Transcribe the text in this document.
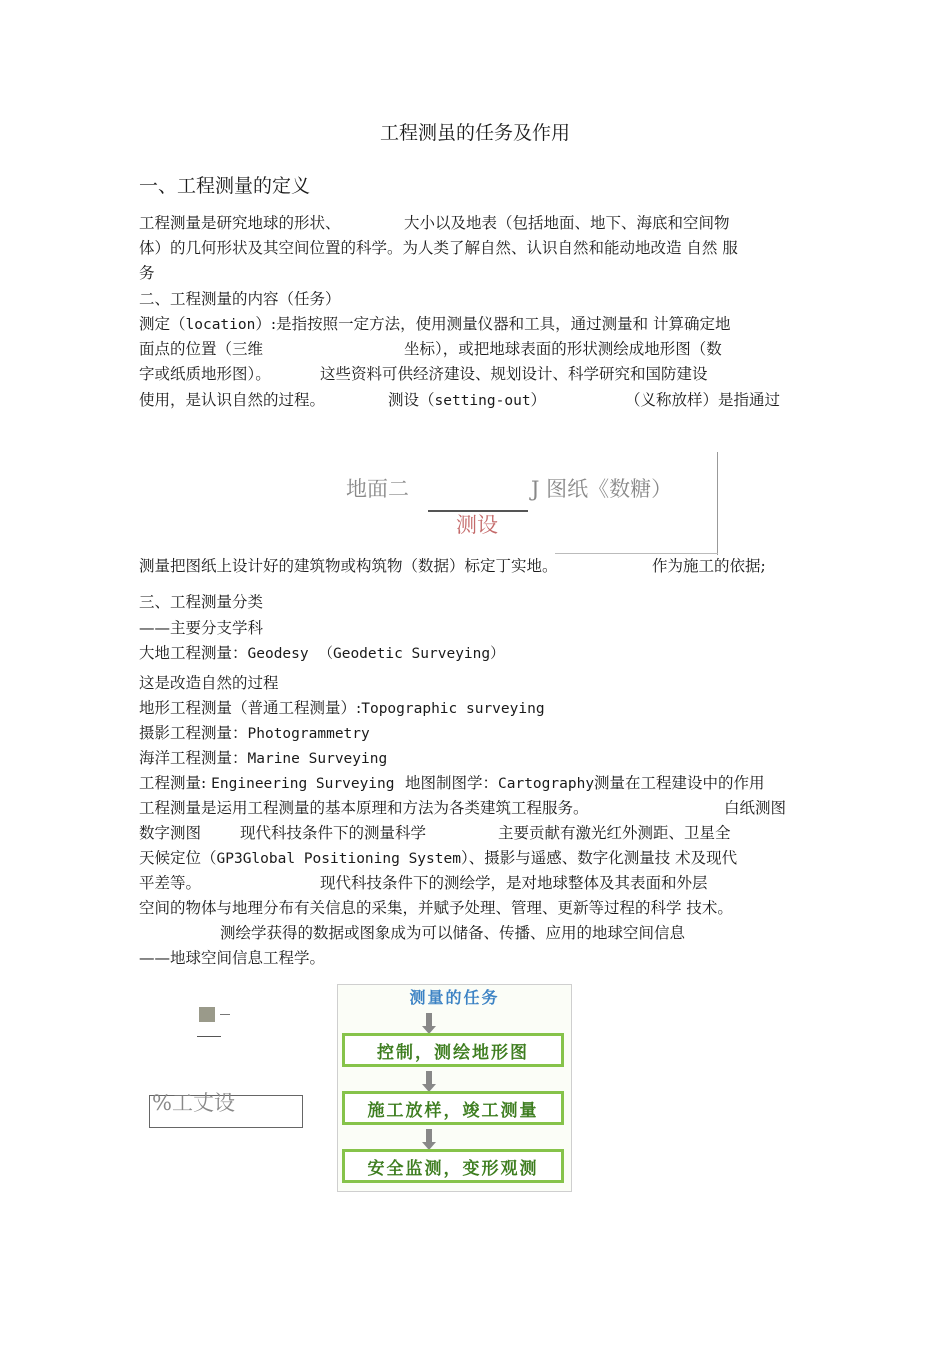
工程测虽的任务及作用
一、工程测量的定义
工程测量是研究地球的形状、	大小以及地表（包括地面、地下、海底和空间物
体）的几何形状及其空间位置的科学。为人类了解自然、认识自然和能动地改造 自然 服
务
二、工程测量的内容（任务）
测定（location）:是指按照一定方法，使用测量仪器和工具，通过测量和 计算确定地
面点的位置（三维	坐标），或把地球表面的形状测绘成地形图（数
字或纸质地形图）。	这些资料可供经济建设、规划设计、科学研究和国防建设
使用，是认识自然的过程。	测设（setting-out）	（义称放样）是指通过
地面二	J 图纸《数糖）
测设
测量把图纸上设计好的建筑物或构筑物（数据）标定丁实地。	作为施工的依据;
三、工程测量分类
——主要分支学科
大地工程测量：Geodesy （Geodetic Surveying）
这是改造自然的过程
地形工程测量（普通工程测量）:Topographic surveying
摄影工程测量：Photogrammetry
海洋工程测量：Marine Surveying
工程测量: Engineering Surveying 地图制图学：Cartography测量在工程建设中的作用
工程测量是运用工程测量的基本原理和方法为各类建筑工程服务。	白纸测图
数字测图	现代科技条件下的测量科学	主要贡献有激光红外测距、卫星全
天候定位（GP3Global Positioning System）、摄影与遥感、数字化测量技 术及现代
平差等。	现代科技条件下的测绘学，是对地球整体及其表面和外层
空间的物体与地理分布有关信息的采集，并赋予处理、管理、更新等过程的科学 技术。
测绘学获得的数据或图象成为可以储备、传播、应用的地球空间信息
——地球空间信息工程学。
%工丈设
测量的任务
控制，测绘地形图
施工放样，竣工测量
安全监测，变形观测
